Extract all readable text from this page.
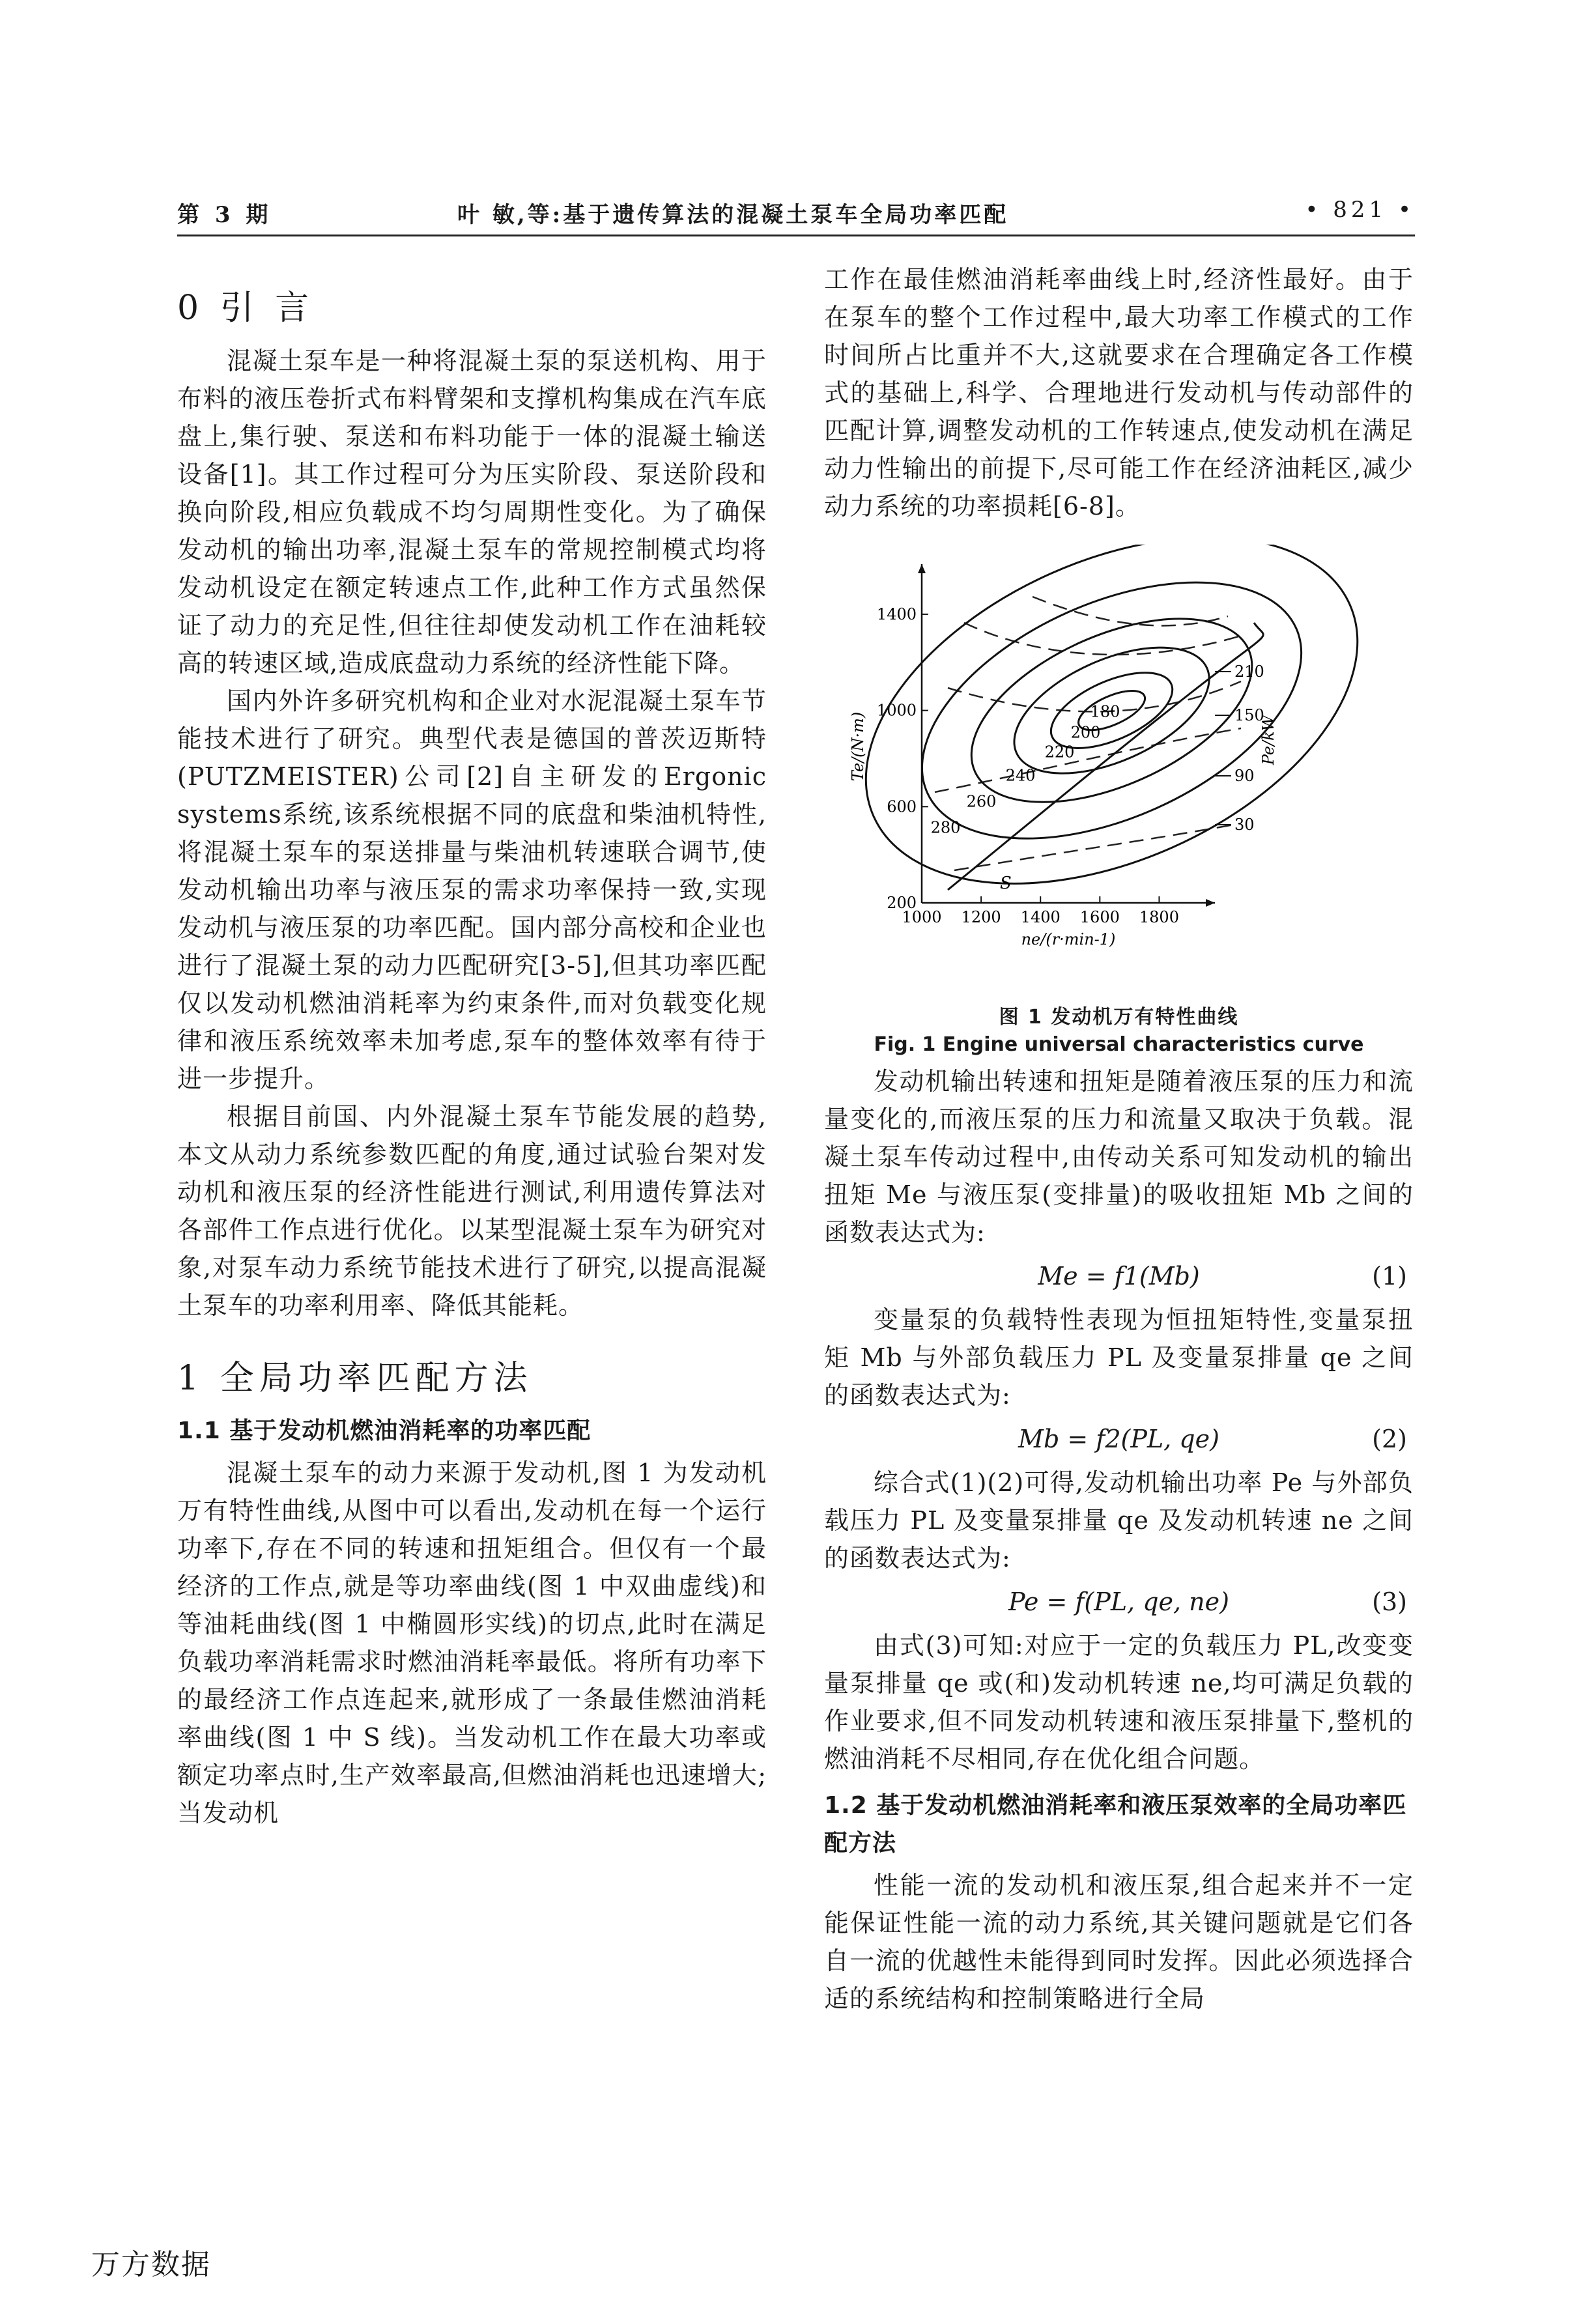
第 3 期	叶 敏,等:基于遗传算法的混凝土泵车全局功率匹配	• 821 •
0 引 言

混凝土泵车是一种将混凝土泵的泵送机构、用于布料的液压卷折式布料臂架和支撑机构集成在汽车底盘上,集行驶、泵送和布料功能于一体的混凝土输送设备[1]。其工作过程可分为压实阶段、泵送阶段和换向阶段,相应负载成不均匀周期性变化。为了确保发动机的输出功率,混凝土泵车的常规控制模式均将发动机设定在额定转速点工作,此种工作方式虽然保证了动力的充足性,但往往却使发动机工作在油耗较高的转速区域,造成底盘动力系统的经济性能下降。

国内外许多研究机构和企业对水泥混凝土泵车节能技术进行了研究。典型代表是德国的普茨迈斯特(PUTZMEISTER)公司[2]自主研发的Ergonic systems系统,该系统根据不同的底盘和柴油机特性,将混凝土泵车的泵送排量与柴油机转速联合调节,使发动机输出功率与液压泵的需求功率保持一致,实现发动机与液压泵的功率匹配。国内部分高校和企业也进行了混凝土泵的动力匹配研究[3-5],但其功率匹配仅以发动机燃油消耗率为约束条件,而对负载变化规律和液压系统效率未加考虑,泵车的整体效率有待于进一步提升。

根据目前国、内外混凝土泵车节能发展的趋势,本文从动力系统参数匹配的角度,通过试验台架对发动机和液压泵的经济性能进行测试,利用遗传算法对各部件工作点进行优化。以某型混凝土泵车为研究对象,对泵车动力系统节能技术进行了研究,以提高混凝土泵车的功率利用率、降低其能耗。

1 全局功率匹配方法
1.1 基于发动机燃油消耗率的功率匹配

混凝土泵车的动力来源于发动机,图 1 为发动机万有特性曲线,从图中可以看出,发动机在每一个运行功率下,存在不同的转速和扭矩组合。但仅有一个最经济的工作点,就是等功率曲线(图 1 中双曲虚线)和等油耗曲线(图 1 中椭圆形实线)的切点,此时在满足负载功率消耗需求时燃油消耗率最低。将所有功率下的最经济工作点连起来,就形成了一条最佳燃油消耗率曲线(图 1 中 S 线)。当发动机工作在最大功率或额定功率点时,生产效率最高,但燃油消耗也迅速增大;当发动机

工作在最佳燃油消耗率曲线上时,经济性最好。由于在泵车的整个工作过程中,最大功率工作模式的工作时间所占比重并不大,这就要求在合理确定各工作模式的基础上,科学、合理地进行发动机与传动部件的匹配计算,调整发动机的工作转速点,使发动机在满足动力性输出的前提下,尽可能工作在经济油耗区,减少动力系统的功率损耗[6-8]。

1000 1200 1400 1600 1800
200
600
1000
1400
ne/(r·min-1)
Te/(N·m)	Pe/kW
S
180
200
220
240
260
280
210
150
90
30
图 1 发动机万有特性曲线
Fig. 1 Engine universal characteristics curve

发动机输出转速和扭矩是随着液压泵的压力和流量变化的,而液压泵的压力和流量又取决于负载。混凝土泵车传动过程中,由传动关系可知发动机的输出扭矩 Me 与液压泵(变排量)的吸收扭矩 Mb 之间的函数表达式为:

Me = f1(Mb)	(1)

变量泵的负载特性表现为恒扭矩特性,变量泵扭矩 Mb 与外部负载压力 PL 及变量泵排量 qe 之间的函数表达式为:

Mb = f2(PL, qe)	(2)

综合式(1)(2)可得,发动机输出功率 Pe 与外部负载压力 PL 及变量泵排量 qe 及发动机转速 ne 之间的函数表达式为:

Pe = f(PL, qe, ne)	(3)

由式(3)可知:对应于一定的负载压力 PL,改变变量泵排量 qe 或(和)发动机转速 ne,均可满足负载的作业要求,但不同发动机转速和液压泵排量下,整机的燃油消耗不尽相同,存在优化组合问题。

1.2 基于发动机燃油消耗率和液压泵效率的全局功率匹配方法

性能一流的发动机和液压泵,组合起来并不一定能保证性能一流的动力系统,其关键问题就是它们各自一流的优越性未能得到同时发挥。因此必须选择合适的系统结构和控制策略进行全局

万方数据
